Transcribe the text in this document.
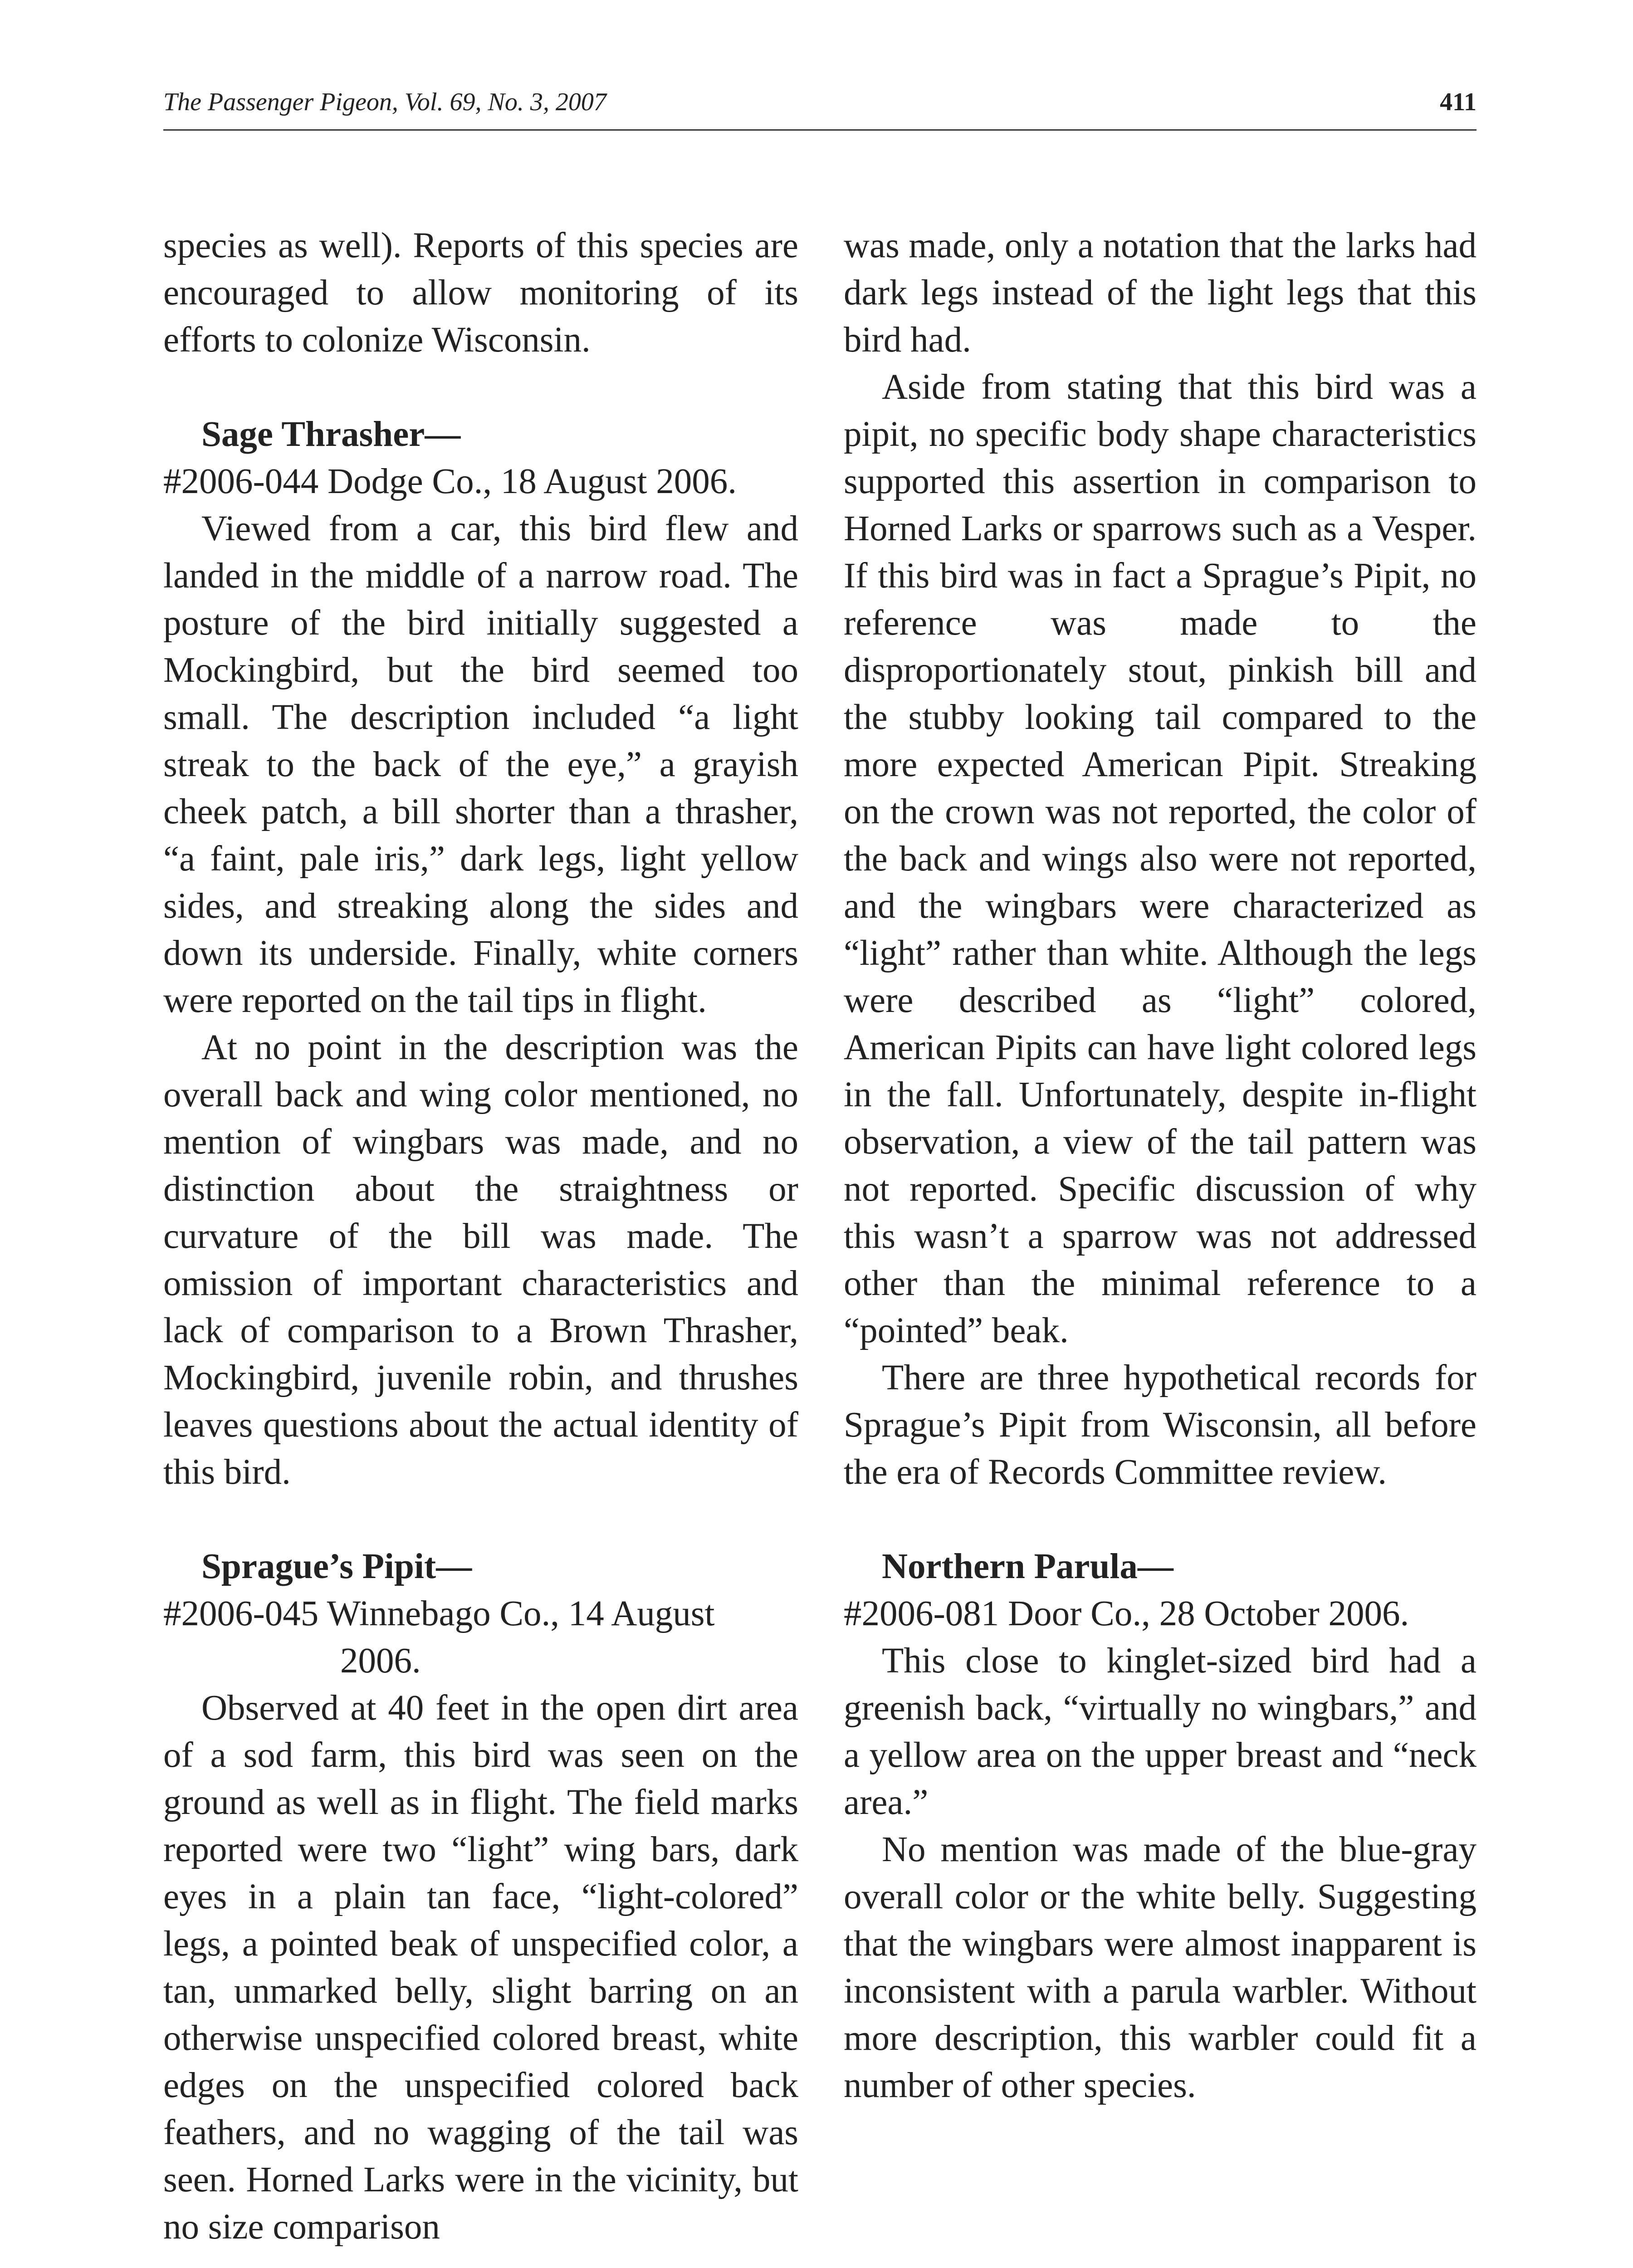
The Passenger Pigeon, Vol. 69, No. 3, 2007	411

species as well). Reports of this species are encouraged to allow monitoring of its efforts to colonize Wisconsin.

Sage Thrasher—

#2006-044 Dodge Co., 18 August 2006.

Viewed from a car, this bird flew and landed in the middle of a narrow road. The posture of the bird initially suggested a Mockingbird, but the bird seemed too small. The description included “a light streak to the back of the eye,” a grayish cheek patch, a bill shorter than a thrasher, “a faint, pale iris,” dark legs, light yellow sides, and streaking along the sides and down its underside. Finally, white corners were reported on the tail tips in flight.

At no point in the description was the overall back and wing color mentioned, no mention of wingbars was made, and no distinction about the straightness or curvature of the bill was made. The omission of important characteristics and lack of comparison to a Brown Thrasher, Mockingbird, juvenile robin, and thrushes leaves questions about the actual identity of this bird.

Sprague’s Pipit—

#2006-045 Winnebago Co., 14 August 2006.

Observed at 40 feet in the open dirt area of a sod farm, this bird was seen on the ground as well as in flight. The field marks reported were two “light” wing bars, dark eyes in a plain tan face, “light-colored” legs, a pointed beak of unspecified color, a tan, unmarked belly, slight barring on an otherwise unspecified colored breast, white edges on the unspecified colored back feathers, and no wagging of the tail was seen. Horned Larks were in the vicinity, but no size comparison

was made, only a notation that the larks had dark legs instead of the light legs that this bird had.

Aside from stating that this bird was a pipit, no specific body shape characteristics supported this assertion in comparison to Horned Larks or sparrows such as a Vesper. If this bird was in fact a Sprague’s Pipit, no reference was made to the disproportionately stout, pinkish bill and the stubby looking tail compared to the more expected American Pipit. Streaking on the crown was not reported, the color of the back and wings also were not reported, and the wingbars were characterized as “light” rather than white. Although the legs were described as “light” colored, American Pipits can have light colored legs in the fall. Unfortunately, despite in-flight observation, a view of the tail pattern was not reported. Specific discussion of why this wasn’t a sparrow was not addressed other than the minimal reference to a “pointed” beak.

There are three hypothetical records for Sprague’s Pipit from Wisconsin, all before the era of Records Committee review.

Northern Parula—

#2006-081 Door Co., 28 October 2006.

This close to kinglet-sized bird had a greenish back, “virtually no wingbars,” and a yellow area on the upper breast and “neck area.”

No mention was made of the blue-gray overall color or the white belly. Suggesting that the wingbars were almost inapparent is inconsistent with a parula warbler. Without more description, this warbler could fit a number of other species.
